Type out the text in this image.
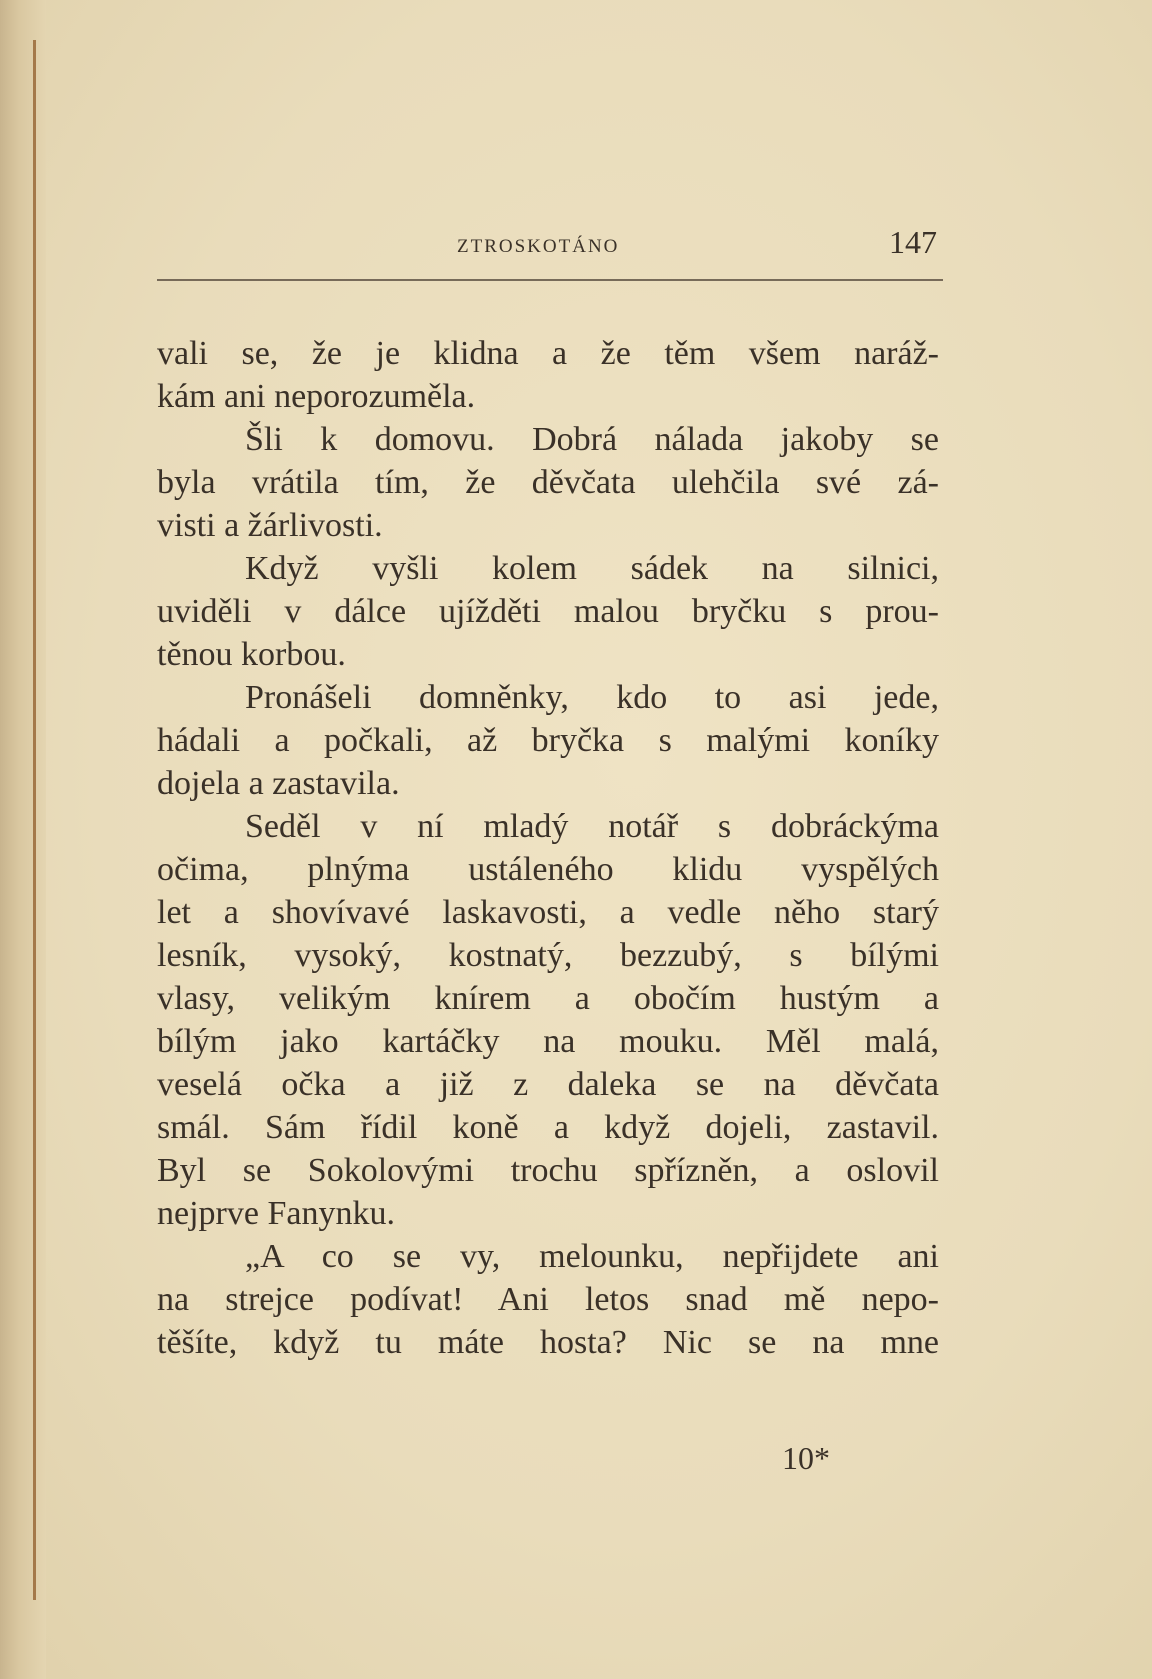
ZTROSKOTÁNO	147
vali se, že je klidna a že těm všem naráž-
kám ani neporozuměla.
Šli k domovu. Dobrá nálada jakoby se
byla vrátila tím, že děvčata ulehčila své zá-
visti a žárlivosti.
Když vyšli kolem sádek na silnici,
uviděli v dálce ujížděti malou bryčku s prou-
těnou korbou.
Pronášeli domněnky, kdo to asi jede,
hádali a počkali, až bryčka s malými koníky
dojela a zastavila.
Seděl v ní mladý notář s dobráckýma
očima, plnýma ustáleného klidu vyspělých
let a shovívavé laskavosti, a vedle něho starý
lesník, vysoký, kostnatý, bezzubý, s bílými
vlasy, velikým knírem a obočím hustým a
bílým jako kartáčky na mouku. Měl malá,
veselá očka a již z daleka se na děvčata
smál. Sám řídil koně a když dojeli, zastavil.
Byl se Sokolovými trochu spřízněn, a oslovil
nejprve Fanynku.
„A co se vy, melounku, nepřijdete ani
na strejce podívat! Ani letos snad mě nepo-
těšíte, když tu máte hosta? Nic se na mne
10*
